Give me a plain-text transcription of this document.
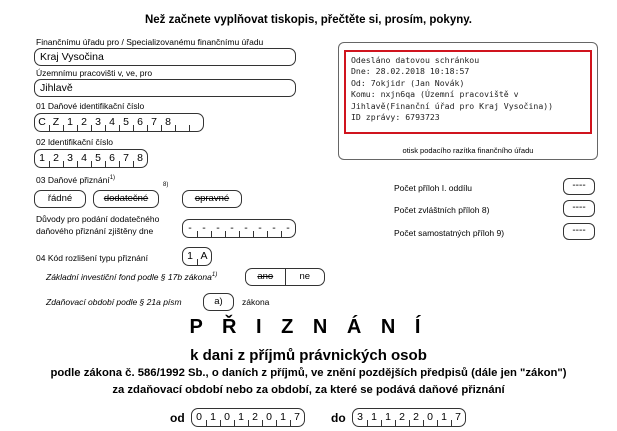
Než začnete vyplňovat tiskopis, přečtěte si, prosím, pokyny.
Finančnímu úřadu pro / Specializovanému finančnímu úřadu
Kraj Vysočina
Územnímu pracovišti v, ve, pro
Jihlavě
01 Daňové identifikační číslo
C Z 1 2 3 4 5 6 7 8
02 Identifikační číslo
1 2 3 4 5 6 7 8
03 Daňové přiznání$^{1)}$
řádné	dodatečné
8)
opravné
Důvody pro podání dodatečného
daňového přiznání zjištěny dne	-	-	-	-	-	-	-	-
04 Kód rozlišení typu přiznání	1 A
Základní investiční fond podle § 17b zákona$^{1)}$	ano	ne
Zdaňovací období podle § 21a písm	a)	zákona
Odesláno datovou schránkou
Dne: 28.02.2018 10:18:57
Od: 7okjidr (Jan Novák)
Komu: nxjn6qa (Územní pracoviště v
Jihlavě(Finanční úřad pro Kraj Vysočina))
ID zprávy: 6793723
otisk podacího razítka finančního úřadu
Počet příloh I. oddílu	----
Počet zvláštních příloh 8)	----
Počet samostatných příloh 9)	----
P Ř I Z N Á N Í
k dani z příjmů právnických osob
podle zákona č. 586/1992 Sb., o daních z příjmů, ve znění pozdějších předpisů (dále jen "zákon")
za zdaňovací období nebo za období, za které se podává daňové přiznání
od	0 1 0 1 2 0 1 7	do	3 1 1 2 2 0 1 7
